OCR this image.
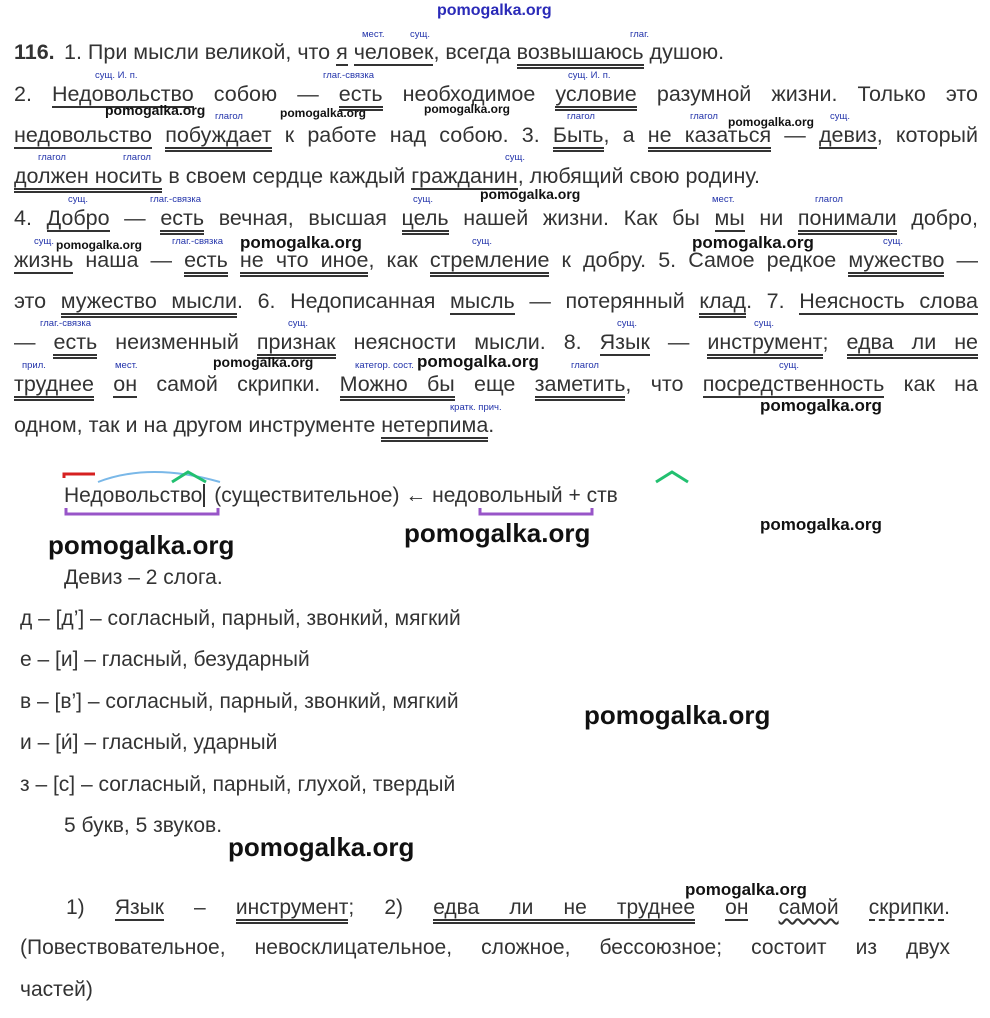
pomogalka.org
116. 1. При мысли великой, что я человек, всегда возвышаюсь душою.
2. Недовольство собою — есть необходимое условие разумной жизни. Только это
недовольство побуждает к работе над собою. 3. Быть, а не казаться — девиз, который
должен носить в своем сердце каждый гражданин, любящий свою родину.
4. Добро — есть вечная, высшая цель нашей жизни. Как бы мы ни понимали добро,
жизнь наша — есть не что иное, как стремление к добру. 5. Самое редкое мужество —
это мужество мысли. 6. Недописанная мысль — потерянный клад. 7. Неясность слова
— есть неизменный признак неясности мысли. 8. Язык — инструмент; едва ли не
труднее он самой скрипки. Можно бы еще заметить, что посредственность как на
одном, так и на другом инструменте нетерпима.
мест.	сущ.	глаг.
сущ. И. п.	глаг.-связка	сущ. И. п.
глагол	глагол	глагол	сущ.
глагол	глагол	сущ.
сущ.	глаг.-связка	сущ.	мест.	глагол
сущ.	глаг.-связка	сущ.	сущ.
глаг.-связка	сущ.	сущ.	сущ.
прил.	мест.	категор. сост.	глагол	сущ.
кратк. прич.
pomogalka.org	pomogalka.org	pomogalka.org
pomogalka.org
pomogalka.org
pomogalka.org	pomogalka.org	pomogalka.org
pomogalka.org	pomogalka.org
pomogalka.org
Недовольство (существительное) ← недовольный + ств
pomogalka.org	pomogalka.org	pomogalka.org
Девиз – 2 слога.
д – [д’] – согласный, парный, звонкий, мягкий
е – [и] – гласный, безударный
в – [в’] – согласный, парный, звонкий, мягкий
и – [и́] – гласный, ударный
з – [с] – согласный, парный, глухой, твердый
5 букв, 5 звуков.
pomogalka.org
pomogalka.org
pomogalka.org
1) Язык – инструмент; 2) едва ли не труднее он самой скрипки.
(Повествовательное, невосклицательное, сложное, бессоюзное; состоит из двух
частей)
